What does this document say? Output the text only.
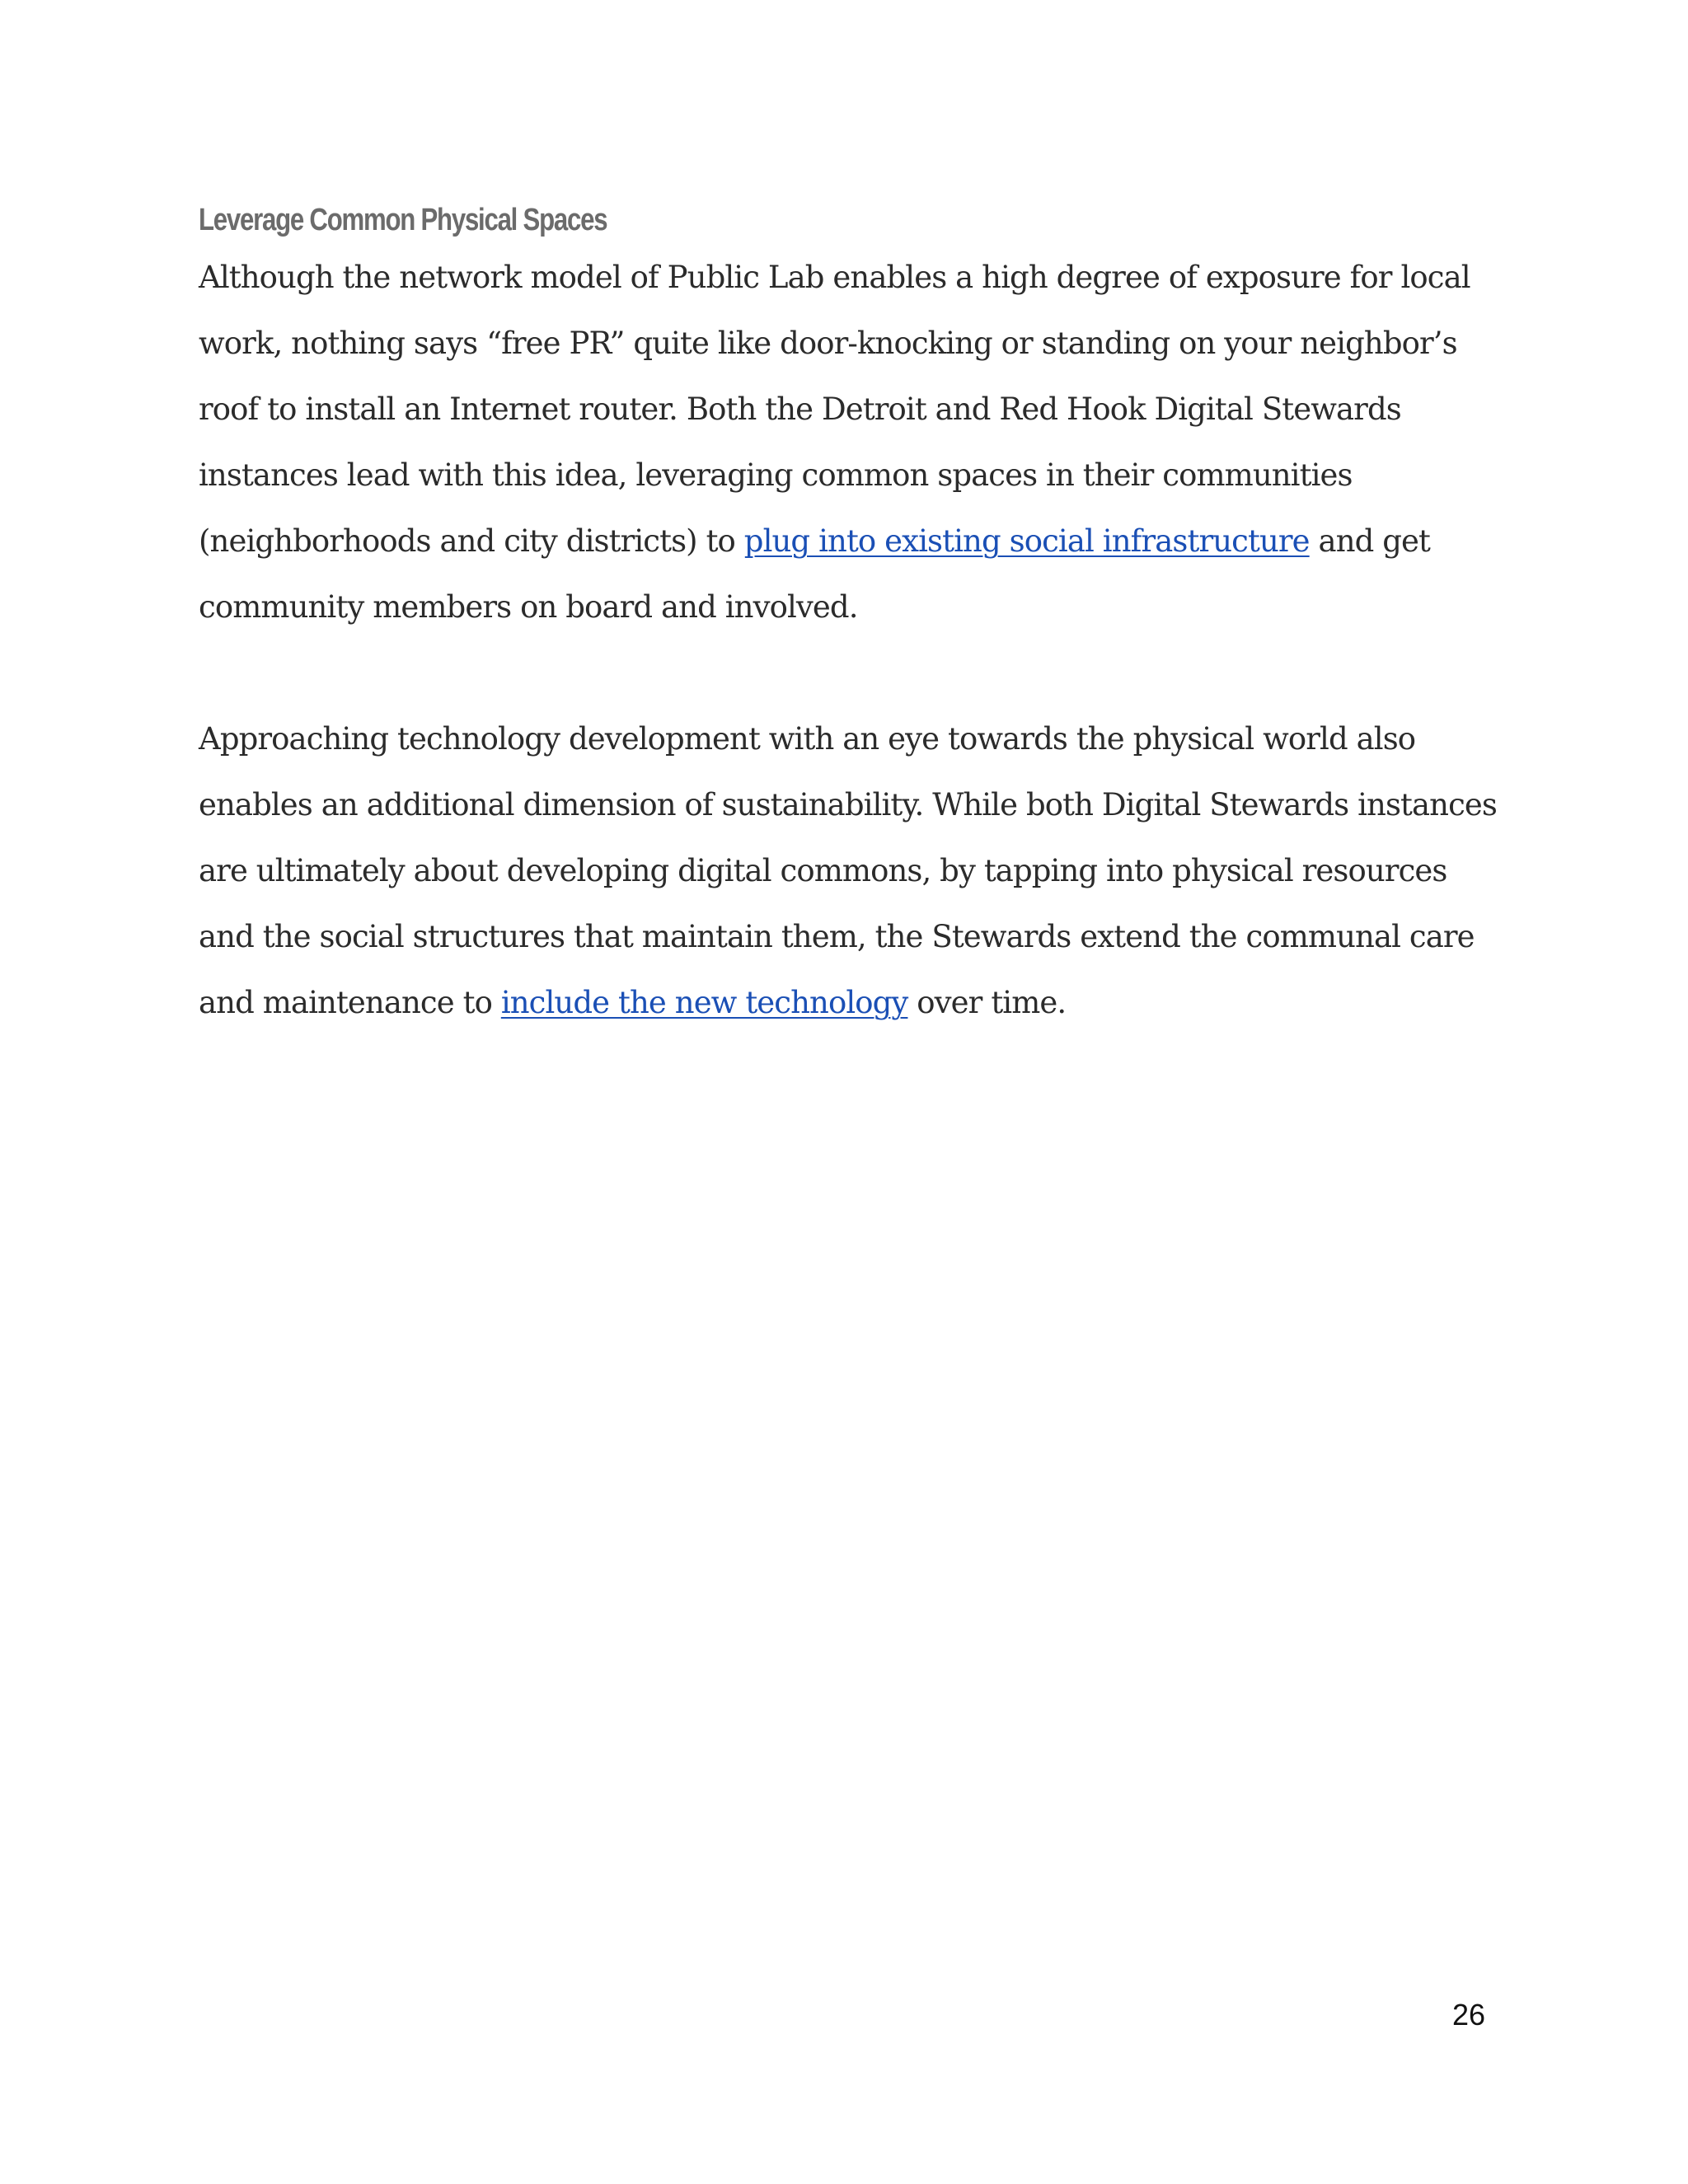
Leverage Common Physical Spaces

Although the network model of Public Lab enables a high degree of exposure for local work, nothing says “free PR” quite like door-knocking or standing on your neighbor’s roof to install an Internet router. Both the Detroit and Red Hook Digital Stewards instances lead with this idea, leveraging common spaces in their communities (neighborhoods and city districts) to plug into existing social infrastructure and get community members on board and involved.

Approaching technology development with an eye towards the physical world also enables an additional dimension of sustainability. While both Digital Stewards instances are ultimately about developing digital commons, by tapping into physical resources and the social structures that maintain them, the Stewards extend the communal care and maintenance to include the new technology over time.

26
